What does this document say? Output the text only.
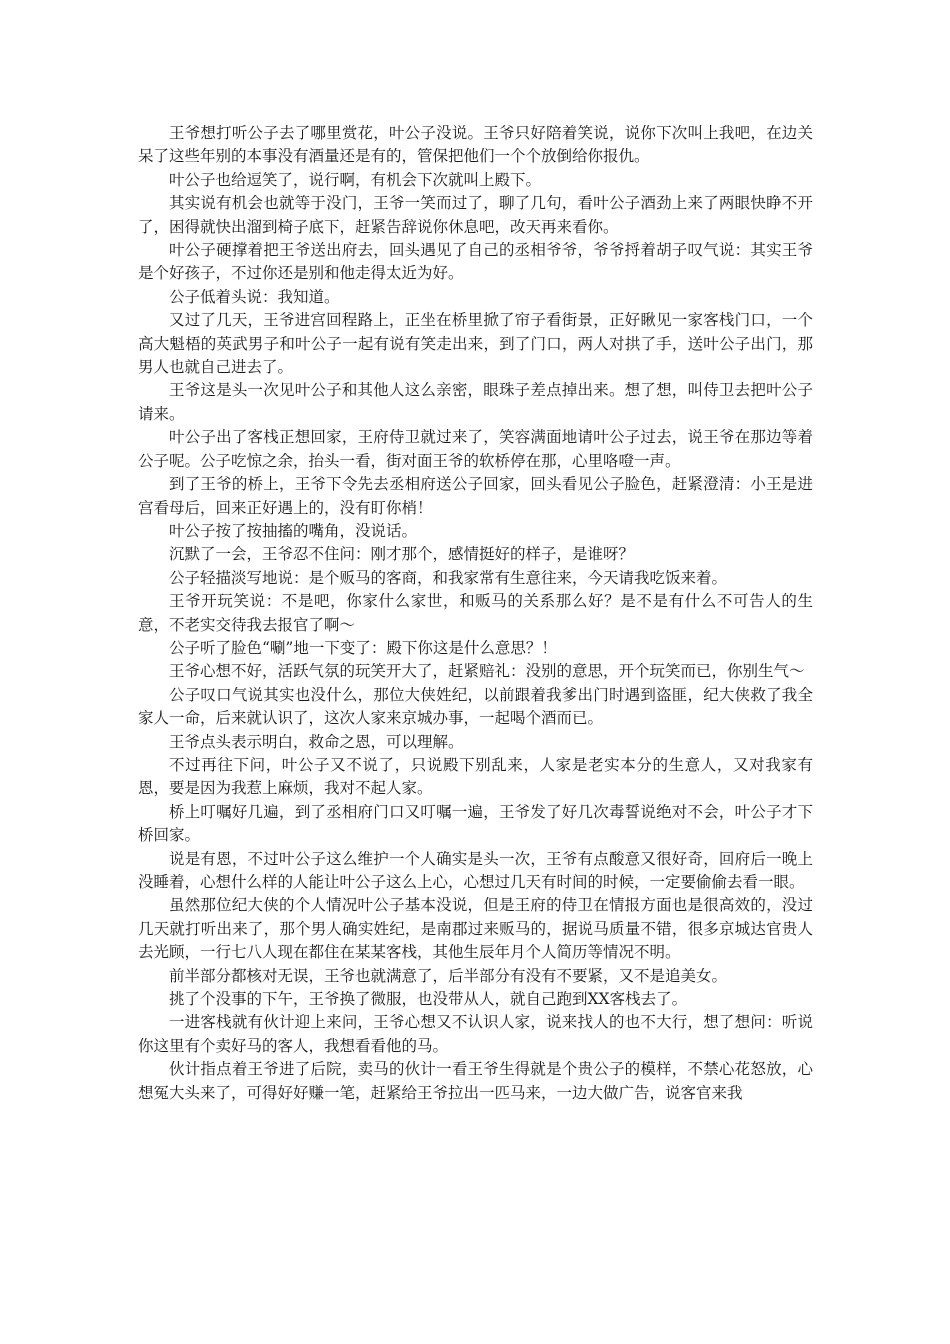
王爷想打听公子去了哪里赏花，叶公子没说。王爷只好陪着笑说，说你下次叫上我吧，在边关呆了这些年别的本事没有酒量还是有的，管保把他们一个个放倒给你报仇。

叶公子也给逗笑了，说行啊，有机会下次就叫上殿下。

其实说有机会也就等于没门，王爷一笑而过了，聊了几句，看叶公子酒劲上来了两眼快睁不开了，困得就快出溜到椅子底下，赶紧告辞说你休息吧，改天再来看你。

叶公子硬撑着把王爷送出府去，回头遇见了自己的丞相爷爷，爷爷捋着胡子叹气说：其实王爷是个好孩子，不过你还是别和他走得太近为好。

公子低着头说：我知道。

又过了几天，王爷进宫回程路上，正坐在桥里掀了帘子看街景，正好瞅见一家客栈门口，一个高大魁梧的英武男子和叶公子一起有说有笑走出来，到了门口，两人对拱了手，送叶公子出门，那男人也就自己进去了。

王爷这是头一次见叶公子和其他人这么亲密，眼珠子差点掉出来。想了想，叫侍卫去把叶公子请来。

叶公子出了客栈正想回家，王府侍卫就过来了，笑容满面地请叶公子过去，说王爷在那边等着公子呢。公子吃惊之余，抬头一看，街对面王爷的软桥停在那，心里咯噔一声。

到了王爷的桥上，王爷下令先去丞相府送公子回家，回头看见公子脸色，赶紧澄清：小王是进宫看母后，回来正好遇上的，没有盯你梢！

叶公子按了按抽搐的嘴角，没说话。

沉默了一会，王爷忍不住问：刚才那个，感情挺好的样子，是谁呀？

公子轻描淡写地说：是个贩马的客商，和我家常有生意往来，今天请我吃饭来着。

王爷开玩笑说：不是吧，你家什么家世，和贩马的关系那么好？是不是有什么不可告人的生意，不老实交待我去报官了啊～

公子听了脸色“唰”地一下变了：殿下你这是什么意思？！

王爷心想不好，活跃气氛的玩笑开大了，赶紧赔礼：没别的意思，开个玩笑而已，你别生气～

公子叹口气说其实也没什么，那位大侠姓纪，以前跟着我爹出门时遇到盗匪，纪大侠救了我全家人一命，后来就认识了，这次人家来京城办事，一起喝个酒而已。

王爷点头表示明白，救命之恩，可以理解。

不过再往下问，叶公子又不说了，只说殿下别乱来，人家是老实本分的生意人，又对我家有恩，要是因为我惹上麻烦，我对不起人家。

桥上叮嘱好几遍，到了丞相府门口又叮嘱一遍，王爷发了好几次毒誓说绝对不会，叶公子才下桥回家。

说是有恩，不过叶公子这么维护一个人确实是头一次，王爷有点酸意又很好奇，回府后一晚上没睡着，心想什么样的人能让叶公子这么上心，心想过几天有时间的时候，一定要偷偷去看一眼。

虽然那位纪大侠的个人情况叶公子基本没说，但是王府的侍卫在情报方面也是很高效的，没过几天就打听出来了，那个男人确实姓纪，是南郡过来贩马的，据说马质量不错，很多京城达官贵人去光顾，一行七八人现在都住在某某客栈，其他生辰年月个人简历等情况不明。

前半部分都核对无误，王爷也就满意了，后半部分有没有不要紧，又不是追美女。

挑了个没事的下午，王爷换了微服，也没带从人，就自己跑到XX客栈去了。

一进客栈就有伙计迎上来问，王爷心想又不认识人家，说来找人的也不大行，想了想问：听说你这里有个卖好马的客人，我想看看他的马。

伙计指点着王爷进了后院，卖马的伙计一看王爷生得就是个贵公子的模样，不禁心花怒放，心想冤大头来了，可得好好赚一笔，赶紧给王爷拉出一匹马来，一边大做广告，说客官来我
